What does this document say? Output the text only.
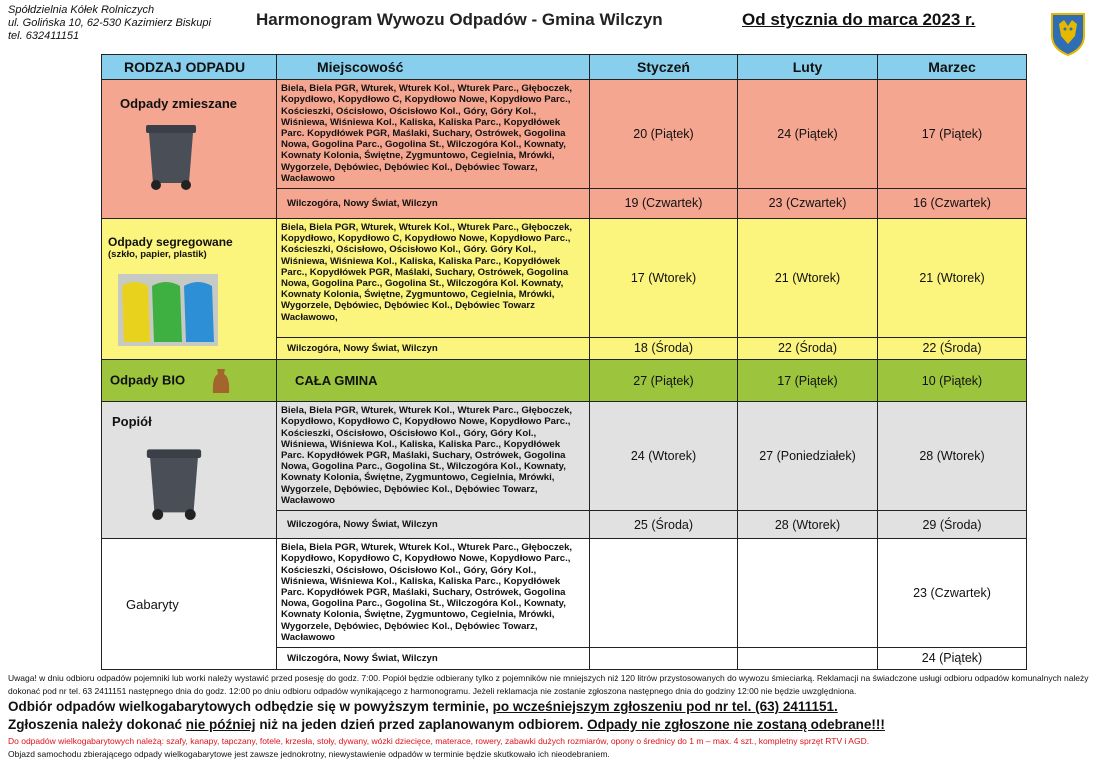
Spółdzielnia Kółek Rolniczych
ul. Golińska 10, 62-530 Kazimierz Biskupi
tel. 632411151
Harmonogram Wywozu Odpadów - Gmina Wilczyn	Od stycznia do marca 2023 r.
RODZAJ ODPADU	Miejscowość	Styczeń	Luty	Marzec

Odpady zmieszane	Biela, Biela PGR, Wturek, Wturek Kol., Wturek Parc., Głęboczek, Kopydłowo, Kopydłowo C, Kopydłowo Nowe, Kopydłowo Parc., Kościeszki, Ościsłowo, Ościsłowo Kol., Góry, Góry Kol., Wiśniewa, Wiśniewa Kol., Kaliska, Kaliska Parc., Kopydłówek Parc. Kopydłówek PGR, Maślaki, Suchary, Ostrówek, Gogolina Nowa, Gogolina Parc., Gogolina St., Wilczogóra Kol., Kownaty, Kownaty Kolonia, Świętne, Zygmuntowo, Cegielnia, Mrówki, Wygorzele, Dębówiec, Dębówiec Kol., Dębówiec Towarz, Wacławowo	20 (Piątek)	24 (Piątek)	17 (Piątek)
	Wilczogóra, Nowy Świat, Wilczyn	19 (Czwartek)	23 (Czwartek)	16 (Czwartek)

Odpady segregowane
(szkło, papier, plastik)	Biela, Biela PGR, Wturek, Wturek Kol., Wturek Parc., Głęboczek, Kopydłowo, Kopydłowo C, Kopydłowo Nowe, Kopydłowo Parc., Kościeszki, Ościsłowo, Ościsłowo Kol., Góry. Góry Kol., Wiśniewa, Wiśniewa Kol., Kaliska, Kaliska Parc., Kopydłówek Parc., Kopydłówek PGR, Maślaki, Suchary, Ostrówek, Gogolina Nowa, Gogolina Parc., Gogolina St., Wilczogóra Kol. Kownaty, Kownaty Kolonia, Świętne, Zygmuntowo, Cegielnia, Mrówki, Wygorzele, Dębówiec, Dębówiec Kol., Dębówiec Towarz Wacławowo,	17 (Wtorek)	21 (Wtorek)	21 (Wtorek)
	Wilczogóra, Nowy Świat, Wilczyn	18 (Środa)	22 (Środa)	22 (Środa)
Odpady BIO	CAŁA GMINA	27 (Piątek)	17 (Piątek)	10 (Piątek)

Popiół	Biela, Biela PGR, Wturek, Wturek Kol., Wturek Parc., Głęboczek, Kopydłowo, Kopydłowo C, Kopydłowo Nowe, Kopydłowo Parc., Kościeszki, Ościsłowo, Ościsłowo Kol., Góry, Góry Kol., Wiśniewa, Wiśniewa Kol., Kaliska, Kaliska Parc., Kopydłówek Parc. Kopydłówek PGR, Maślaki, Suchary, Ostrówek, Gogolina Nowa, Gogolina Parc., Gogolina St., Wilczogóra Kol., Kownaty, Kownaty Kolonia, Świętne, Zygmuntowo, Cegielnia, Mrówki, Wygorzele, Dębówiec, Dębówiec Kol., Dębówiec Towarz, Wacławowo	24 (Wtorek)	27 (Poniedziałek)	28 (Wtorek)
	Wilczogóra, Nowy Świat, Wilczyn	25 (Środa)	28 (Wtorek)	29 (Środa)
Gabaryty	Biela, Biela PGR, Wturek, Wturek Kol., Wturek Parc., Głęboczek, Kopydłowo, Kopydłowo C, Kopydłowo Nowe, Kopydłowo Parc., Kościeszki, Ościsłowo, Ościsłowo Kol., Góry, Góry Kol., Wiśniewa, Wiśniewa Kol., Kaliska, Kaliska Parc., Kopydłówek Parc. Kopydłówek PGR, Maślaki, Suchary, Ostrówek, Gogolina Nowa, Gogolina Parc., Gogolina St., Wilczogóra Kol., Kownaty, Kownaty Kolonia, Świętne, Zygmuntowo, Cegielnia, Mrówki, Wygorzele, Dębówiec, Dębówiec Kol., Dębówiec Towarz, Wacławowo			23 (Czwartek)
	Wilczogóra, Nowy Świat, Wilczyn			24 (Piątek)
Uwaga! w dniu odbioru odpadów pojemniki lub worki należy wystawić przed posesję do godz. 7:00. Popiół będzie odbierany tylko z pojemników nie mniejszych niż 120 litrów przystosowanych do wywozu śmieciarką. Reklamacji na świadczone usługi odbioru odpadów komunalnych należy dokonać pod nr tel. 63 2411151 następnego dnia do godz. 12:00 po dniu odbioru odpadów wynikającego z harmonogramu. Jeżeli reklamacja nie zostanie zgłoszona następnego dnia do godziny 12:00 nie będzie uwzględniona.
Odbiór odpadów wielkogabarytowych odbędzie się w powyższym terminie, po wcześniejszym zgłoszeniu pod nr tel. (63) 2411151.
Zgłoszenia należy dokonać nie później niż na jeden dzień przed zaplanowanym odbiorem. Odpady nie zgłoszone nie zostaną odebrane!!!
Do odpadów wielkogabarytowych należą: szafy, kanapy, tapczany, fotele, krzesła, stoły, dywany, wózki dziecięce, materace, rowery, zabawki dużych rozmiarów, opony o średnicy do 1 m – max. 4 szt., kompletny sprzęt RTV i AGD.
Objazd samochodu zbierającego odpady wielkogabarytowe jest zawsze jednokrotny, niewystawienie odpadów w terminie będzie skutkowało ich nieodebraniem.
